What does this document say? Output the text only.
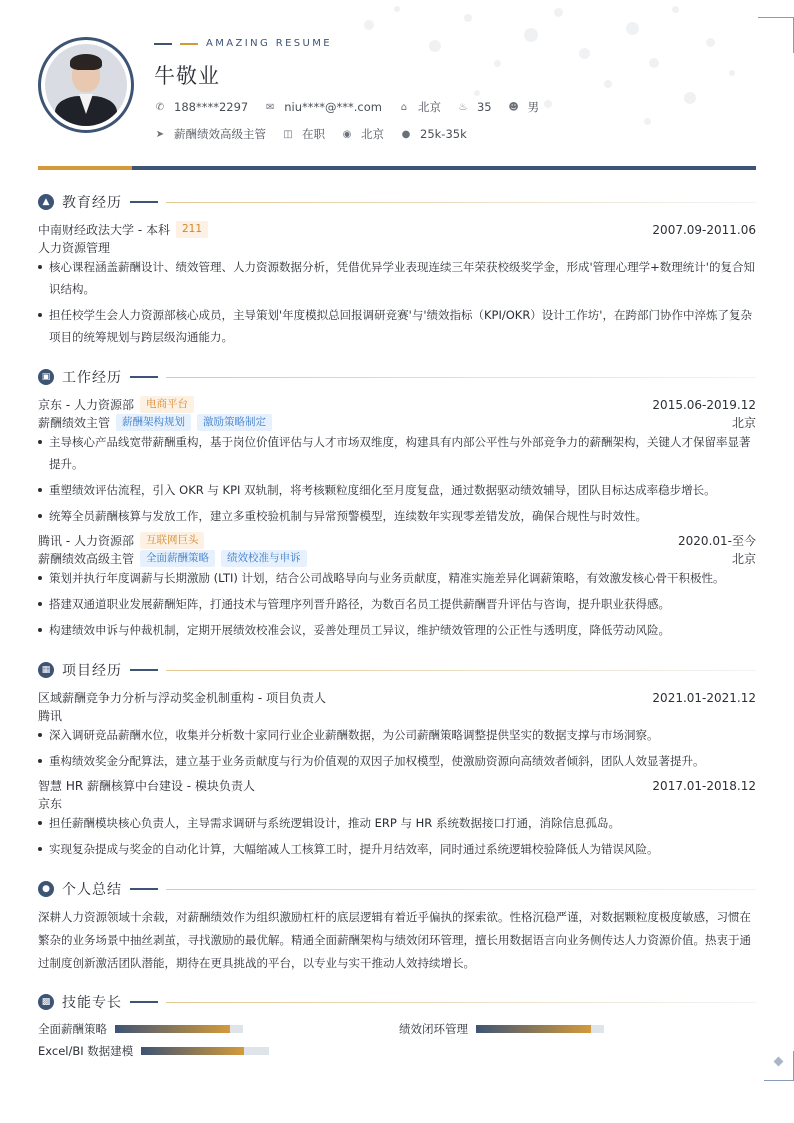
AMAZING RESUME
牛敬业
✆ 188****2297 ✉ niu****@***.com ⌂ 北京 ♨ 35 ☻ 男
➤ 薪酬绩效高级主管 ◫ 在职 ◉ 北京 ● 25k-35k
▲ 教育经历
中南财经政法大学 - 本科	211	2007.09-2011.06
人力资源管理
核心课程涵盖薪酬设计、绩效管理、人力资源数据分析，凭借优异学业表现连续三年荣获校级奖学金，形成'管理心理学+数理统计'的复合知识结构。
担任校学生会人力资源部核心成员，主导策划'年度模拟总回报调研竞赛'与'绩效指标（KPI/OKR）设计工作坊'，在跨部门协作中淬炼了复杂项目的统筹规划与跨层级沟通能力。
▣ 工作经历
京东 - 人力资源部	电商平台	2015.06-2019.12
薪酬绩效主管	薪酬架构规划	激励策略制定	北京
主导核心产品线宽带薪酬重构，基于岗位价值评估与人才市场双维度，构建具有内部公平性与外部竞争力的薪酬架构，关键人才保留率显著提升。
重塑绩效评估流程，引入 OKR 与 KPI 双轨制，将考核颗粒度细化至月度复盘，通过数据驱动绩效辅导，团队目标达成率稳步增长。
统筹全员薪酬核算与发放工作，建立多重校验机制与异常预警模型，连续数年实现零差错发放，确保合规性与时效性。
腾讯 - 人力资源部	互联网巨头	2020.01-至今
薪酬绩效高级主管	全面薪酬策略	绩效校准与申诉	北京
策划并执行年度调薪与长期激励 (LTI) 计划，结合公司战略导向与业务贡献度，精准实施差异化调薪策略，有效激发核心骨干积极性。
搭建双通道职业发展薪酬矩阵，打通技术与管理序列晋升路径，为数百名员工提供薪酬晋升评估与咨询，提升职业获得感。
构建绩效申诉与仲裁机制，定期开展绩效校准会议，妥善处理员工异议，维护绩效管理的公正性与透明度，降低劳动风险。
▦ 项目经历
区域薪酬竞争力分析与浮动奖金机制重构 - 项目负责人	2021.01-2021.12
腾讯
深入调研竞品薪酬水位，收集并分析数十家同行业企业薪酬数据，为公司薪酬策略调整提供坚实的数据支撑与市场洞察。
重构绩效奖金分配算法，建立基于业务贡献度与行为价值观的双因子加权模型，使激励资源向高绩效者倾斜，团队人效显著提升。
智慧 HR 薪酬核算中台建设 - 模块负责人	2017.01-2018.12
京东
担任薪酬模块核心负责人，主导需求调研与系统逻辑设计，推动 ERP 与 HR 系统数据接口打通，消除信息孤岛。
实现复杂提成与奖金的自动化计算，大幅缩减人工核算工时，提升月结效率，同时通过系统逻辑校验降低人为错误风险。
● 个人总结
深耕人力资源领域十余载，对薪酬绩效作为组织激励杠杆的底层逻辑有着近乎偏执的探索欲。性格沉稳严谨，对数据颗粒度极度敏感，习惯在繁杂的业务场景中抽丝剥茧，寻找激励的最优解。精通全面薪酬架构与绩效闭环管理，擅长用数据语言向业务侧传达人力资源价值。热衷于通过制度创新激活团队潜能，期待在更具挑战的平台，以专业与实干推动人效持续增长。
▩ 技能专长
全面薪酬策略	绩效闭环管理
Excel/BI 数据建模
